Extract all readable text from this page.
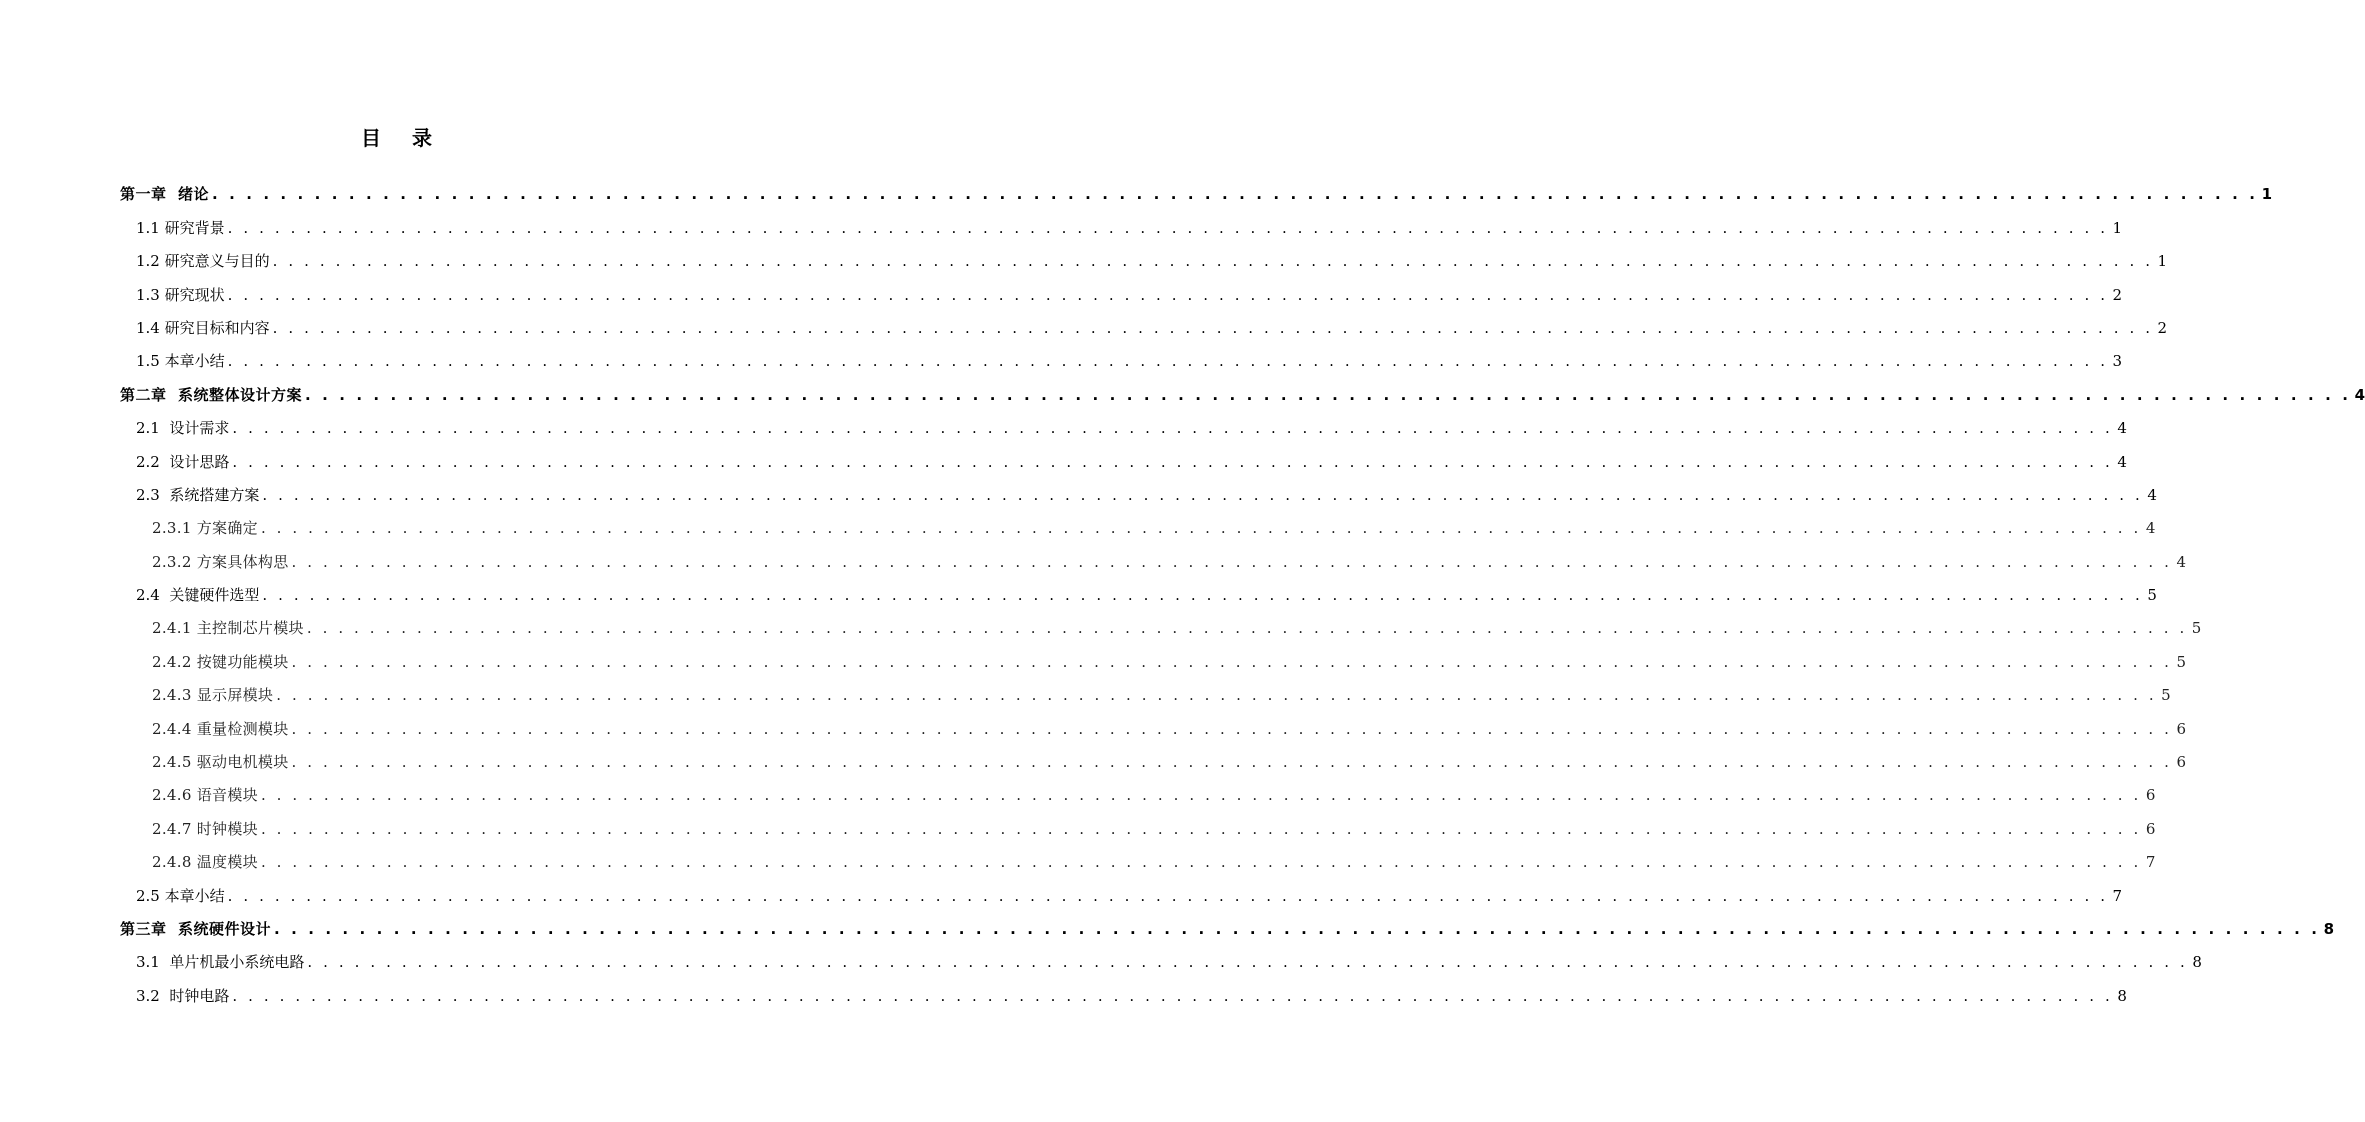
目 录
第一章  绪论 . . . . . . . . . . . . . . . . . . . . . . . . . . . . . . . . . . . . . . . . . . . . . . . . . . . . . . . . . . . . . . . . . . . . . . . . . . . . . . . . . . . . . . . . . . . . . . . . . . . . . . . . . . . . . . . . . . . . . . . . 1
1.1 研究背景 . . . . . . . . . . . . . . . . . . . . . . . . . . . . . . . . . . . . . . . . . . . . . . . . . . . . . . . . . . . . . . . . . . . . . . . . . . . . . . . . . . . . . . . . . . . . . . . . . . . . . . . . . . . . . . . . . . . . . . . . 1
1.2 研究意义与目的 . . . . . . . . . . . . . . . . . . . . . . . . . . . . . . . . . . . . . . . . . . . . . . . . . . . . . . . . . . . . . . . . . . . . . . . . . . . . . . . . . . . . . . . . . . . . . . . . . . . . . . . . . . . . . . . . . . . . . . . . 1
1.3 研究现状 . . . . . . . . . . . . . . . . . . . . . . . . . . . . . . . . . . . . . . . . . . . . . . . . . . . . . . . . . . . . . . . . . . . . . . . . . . . . . . . . . . . . . . . . . . . . . . . . . . . . . . . . . . . . . . . . . . . . . . . . 2
1.4 研究目标和内容 . . . . . . . . . . . . . . . . . . . . . . . . . . . . . . . . . . . . . . . . . . . . . . . . . . . . . . . . . . . . . . . . . . . . . . . . . . . . . . . . . . . . . . . . . . . . . . . . . . . . . . . . . . . . . . . . . . . . . . . . 2
1.5 本章小结 . . . . . . . . . . . . . . . . . . . . . . . . . . . . . . . . . . . . . . . . . . . . . . . . . . . . . . . . . . . . . . . . . . . . . . . . . . . . . . . . . . . . . . . . . . . . . . . . . . . . . . . . . . . . . . . . . . . . . . . . 3
第二章  系统整体设计方案 . . . . . . . . . . . . . . . . . . . . . . . . . . . . . . . . . . . . . . . . . . . . . . . . . . . . . . . . . . . . . . . . . . . . . . . . . . . . . . . . . . . . . . . . . . . . . . . . . . . . . . . . . . . . . . . . . . . . . . . . 4
2.1  设计需求 . . . . . . . . . . . . . . . . . . . . . . . . . . . . . . . . . . . . . . . . . . . . . . . . . . . . . . . . . . . . . . . . . . . . . . . . . . . . . . . . . . . . . . . . . . . . . . . . . . . . . . . . . . . . . . . . . . . . . . . . 4
2.2  设计思路 . . . . . . . . . . . . . . . . . . . . . . . . . . . . . . . . . . . . . . . . . . . . . . . . . . . . . . . . . . . . . . . . . . . . . . . . . . . . . . . . . . . . . . . . . . . . . . . . . . . . . . . . . . . . . . . . . . . . . . . . 4
2.3  系统搭建方案 . . . . . . . . . . . . . . . . . . . . . . . . . . . . . . . . . . . . . . . . . . . . . . . . . . . . . . . . . . . . . . . . . . . . . . . . . . . . . . . . . . . . . . . . . . . . . . . . . . . . . . . . . . . . . . . . . . . . . . . . 4
2.3.1 方案确定 . . . . . . . . . . . . . . . . . . . . . . . . . . . . . . . . . . . . . . . . . . . . . . . . . . . . . . . . . . . . . . . . . . . . . . . . . . . . . . . . . . . . . . . . . . . . . . . . . . . . . . . . . . . . . . . . . . . . . . . . 4
2.3.2 方案具体构思 . . . . . . . . . . . . . . . . . . . . . . . . . . . . . . . . . . . . . . . . . . . . . . . . . . . . . . . . . . . . . . . . . . . . . . . . . . . . . . . . . . . . . . . . . . . . . . . . . . . . . . . . . . . . . . . . . . . . . . . . 4
2.4  关键硬件选型 . . . . . . . . . . . . . . . . . . . . . . . . . . . . . . . . . . . . . . . . . . . . . . . . . . . . . . . . . . . . . . . . . . . . . . . . . . . . . . . . . . . . . . . . . . . . . . . . . . . . . . . . . . . . . . . . . . . . . . . . 5
2.4.1 主控制芯片模块 . . . . . . . . . . . . . . . . . . . . . . . . . . . . . . . . . . . . . . . . . . . . . . . . . . . . . . . . . . . . . . . . . . . . . . . . . . . . . . . . . . . . . . . . . . . . . . . . . . . . . . . . . . . . . . . . . . . . . . . . 5
2.4.2 按键功能模块 . . . . . . . . . . . . . . . . . . . . . . . . . . . . . . . . . . . . . . . . . . . . . . . . . . . . . . . . . . . . . . . . . . . . . . . . . . . . . . . . . . . . . . . . . . . . . . . . . . . . . . . . . . . . . . . . . . . . . . . . 5
2.4.3 显示屏模块 . . . . . . . . . . . . . . . . . . . . . . . . . . . . . . . . . . . . . . . . . . . . . . . . . . . . . . . . . . . . . . . . . . . . . . . . . . . . . . . . . . . . . . . . . . . . . . . . . . . . . . . . . . . . . . . . . . . . . . . . 5
2.4.4 重量检测模块 . . . . . . . . . . . . . . . . . . . . . . . . . . . . . . . . . . . . . . . . . . . . . . . . . . . . . . . . . . . . . . . . . . . . . . . . . . . . . . . . . . . . . . . . . . . . . . . . . . . . . . . . . . . . . . . . . . . . . . . . 6
2.4.5 驱动电机模块 . . . . . . . . . . . . . . . . . . . . . . . . . . . . . . . . . . . . . . . . . . . . . . . . . . . . . . . . . . . . . . . . . . . . . . . . . . . . . . . . . . . . . . . . . . . . . . . . . . . . . . . . . . . . . . . . . . . . . . . . 6
2.4.6 语音模块 . . . . . . . . . . . . . . . . . . . . . . . . . . . . . . . . . . . . . . . . . . . . . . . . . . . . . . . . . . . . . . . . . . . . . . . . . . . . . . . . . . . . . . . . . . . . . . . . . . . . . . . . . . . . . . . . . . . . . . . . 6
2.4.7 时钟模块 . . . . . . . . . . . . . . . . . . . . . . . . . . . . . . . . . . . . . . . . . . . . . . . . . . . . . . . . . . . . . . . . . . . . . . . . . . . . . . . . . . . . . . . . . . . . . . . . . . . . . . . . . . . . . . . . . . . . . . . . 6
2.4.8 温度模块 . . . . . . . . . . . . . . . . . . . . . . . . . . . . . . . . . . . . . . . . . . . . . . . . . . . . . . . . . . . . . . . . . . . . . . . . . . . . . . . . . . . . . . . . . . . . . . . . . . . . . . . . . . . . . . . . . . . . . . . . 7
2.5 本章小结 . . . . . . . . . . . . . . . . . . . . . . . . . . . . . . . . . . . . . . . . . . . . . . . . . . . . . . . . . . . . . . . . . . . . . . . . . . . . . . . . . . . . . . . . . . . . . . . . . . . . . . . . . . . . . . . . . . . . . . . . 7
第三章  系统硬件设计 . . . . . . . . . . . . . . . . . . . . . . . . . . . . . . . . . . . . . . . . . . . . . . . . . . . . . . . . . . . . . . . . . . . . . . . . . . . . . . . . . . . . . . . . . . . . . . . . . . . . . . . . . . . . . . . . . . . . . . . . 8
3.1  单片机最小系统电路 . . . . . . . . . . . . . . . . . . . . . . . . . . . . . . . . . . . . . . . . . . . . . . . . . . . . . . . . . . . . . . . . . . . . . . . . . . . . . . . . . . . . . . . . . . . . . . . . . . . . . . . . . . . . . . . . . . . . . . . . 8
3.2  时钟电路 . . . . . . . . . . . . . . . . . . . . . . . . . . . . . . . . . . . . . . . . . . . . . . . . . . . . . . . . . . . . . . . . . . . . . . . . . . . . . . . . . . . . . . . . . . . . . . . . . . . . . . . . . . . . . . . . . . . . . . . . 8
